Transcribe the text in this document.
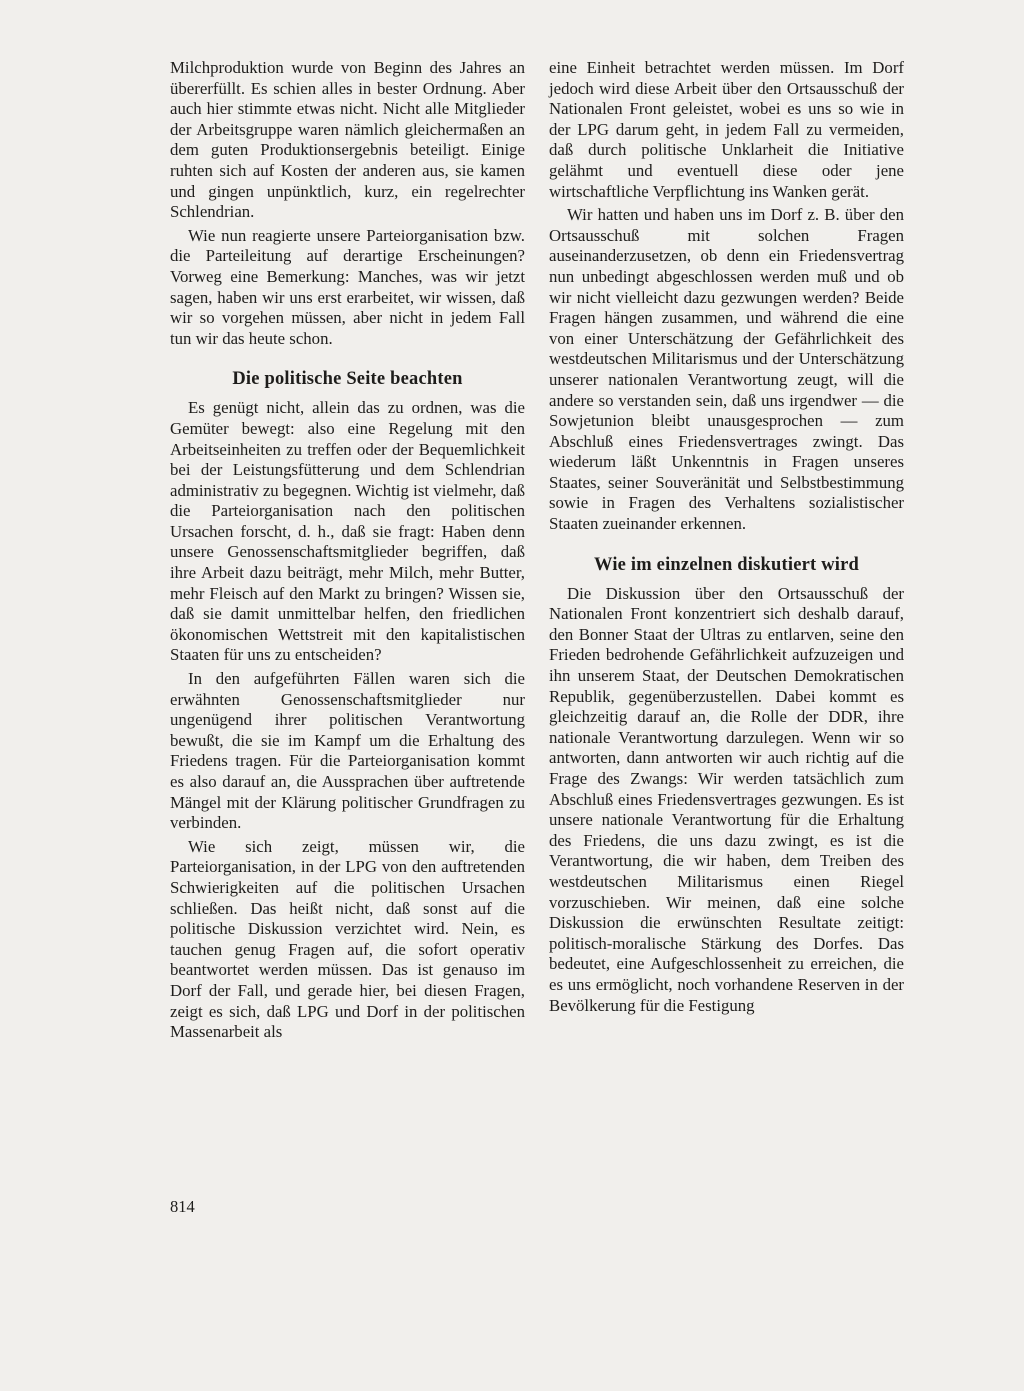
Milchproduktion wurde von Beginn des Jahres an übererfüllt. Es schien alles in bester Ordnung. Aber auch hier stimmte etwas nicht. Nicht alle Mitglieder der Arbeitsgruppe waren nämlich gleichermaßen an dem guten Produktionsergebnis beteiligt. Einige ruhten sich auf Kosten der anderen aus, sie kamen und gingen unpünktlich, kurz, ein regelrechter Schlendrian.

Wie nun reagierte unsere Parteiorganisation bzw. die Parteileitung auf derartige Erscheinungen? Vorweg eine Bemerkung: Manches, was wir jetzt sagen, haben wir uns erst erarbeitet, wir wissen, daß wir so vorgehen müssen, aber nicht in jedem Fall tun wir das heute schon.

Die politische Seite beachten

Es genügt nicht, allein das zu ordnen, was die Gemüter bewegt: also eine Regelung mit den Arbeitseinheiten zu treffen oder der Bequemlichkeit bei der Leistungsfütterung und dem Schlendrian administrativ zu begegnen. Wichtig ist vielmehr, daß die Parteiorganisation nach den politischen Ursachen forscht, d. h., daß sie fragt: Haben denn unsere Genossenschaftsmitglieder begriffen, daß ihre Arbeit dazu beiträgt, mehr Milch, mehr Butter, mehr Fleisch auf den Markt zu bringen? Wissen sie, daß sie damit unmittelbar helfen, den friedlichen ökonomischen Wettstreit mit den kapitalistischen Staaten für uns zu entscheiden?

In den aufgeführten Fällen waren sich die erwähnten Genossenschaftsmitglieder nur ungenügend ihrer politischen Verantwortung bewußt, die sie im Kampf um die Erhaltung des Friedens tragen. Für die Parteiorganisation kommt es also darauf an, die Aussprachen über auftretende Mängel mit der Klärung politischer Grundfragen zu verbinden.

Wie sich zeigt, müssen wir, die Parteiorganisation, in der LPG von den auftretenden Schwierigkeiten auf die politischen Ursachen schließen. Das heißt nicht, daß sonst auf die politische Diskussion verzichtet wird. Nein, es tauchen genug Fragen auf, die sofort operativ beantwortet werden müssen. Das ist genauso im Dorf der Fall, und gerade hier, bei diesen Fragen, zeigt es sich, daß LPG und Dorf in der politischen Massenarbeit als

eine Einheit betrachtet werden müssen. Im Dorf jedoch wird diese Arbeit über den Ortsausschuß der Nationalen Front geleistet, wobei es uns so wie in der LPG darum geht, in jedem Fall zu vermeiden, daß durch politische Unklarheit die Initiative gelähmt und eventuell diese oder jene wirtschaftliche Verpflichtung ins Wanken gerät.

Wir hatten und haben uns im Dorf z. B. über den Ortsausschuß mit solchen Fragen auseinanderzusetzen, ob denn ein Friedensvertrag nun unbedingt abgeschlossen werden muß und ob wir nicht vielleicht dazu gezwungen werden? Beide Fragen hängen zusammen, und während die eine von einer Unterschätzung der Gefährlichkeit des westdeutschen Militarismus und der Unterschätzung unserer nationalen Verantwortung zeugt, will die andere so verstanden sein, daß uns irgendwer — die Sowjetunion bleibt unausgesprochen — zum Abschluß eines Friedensvertrages zwingt. Das wiederum läßt Unkenntnis in Fragen unseres Staates, seiner Souveränität und Selbstbestimmung sowie in Fragen des Verhaltens sozialistischer Staaten zueinander erkennen.

Wie im einzelnen diskutiert wird

Die Diskussion über den Ortsausschuß der Nationalen Front konzentriert sich deshalb darauf, den Bonner Staat der Ultras zu entlarven, seine den Frieden bedrohende Gefährlichkeit aufzuzeigen und ihn unserem Staat, der Deutschen Demokratischen Republik, gegenüberzustellen. Dabei kommt es gleichzeitig darauf an, die Rolle der DDR, ihre nationale Verantwortung darzulegen. Wenn wir so antworten, dann antworten wir auch richtig auf die Frage des Zwangs: Wir werden tatsächlich zum Abschluß eines Friedensvertrages gezwungen. Es ist unsere nationale Verantwortung für die Erhaltung des Friedens, die uns dazu zwingt, es ist die Verantwortung, die wir haben, dem Treiben des westdeutschen Militarismus einen Riegel vorzuschieben. Wir meinen, daß eine solche Diskussion die erwünschten Resultate zeitigt: politisch-moralische Stärkung des Dorfes. Das bedeutet, eine Aufgeschlossenheit zu erreichen, die es uns ermöglicht, noch vorhandene Reserven in der Bevölkerung für die Festigung

814
